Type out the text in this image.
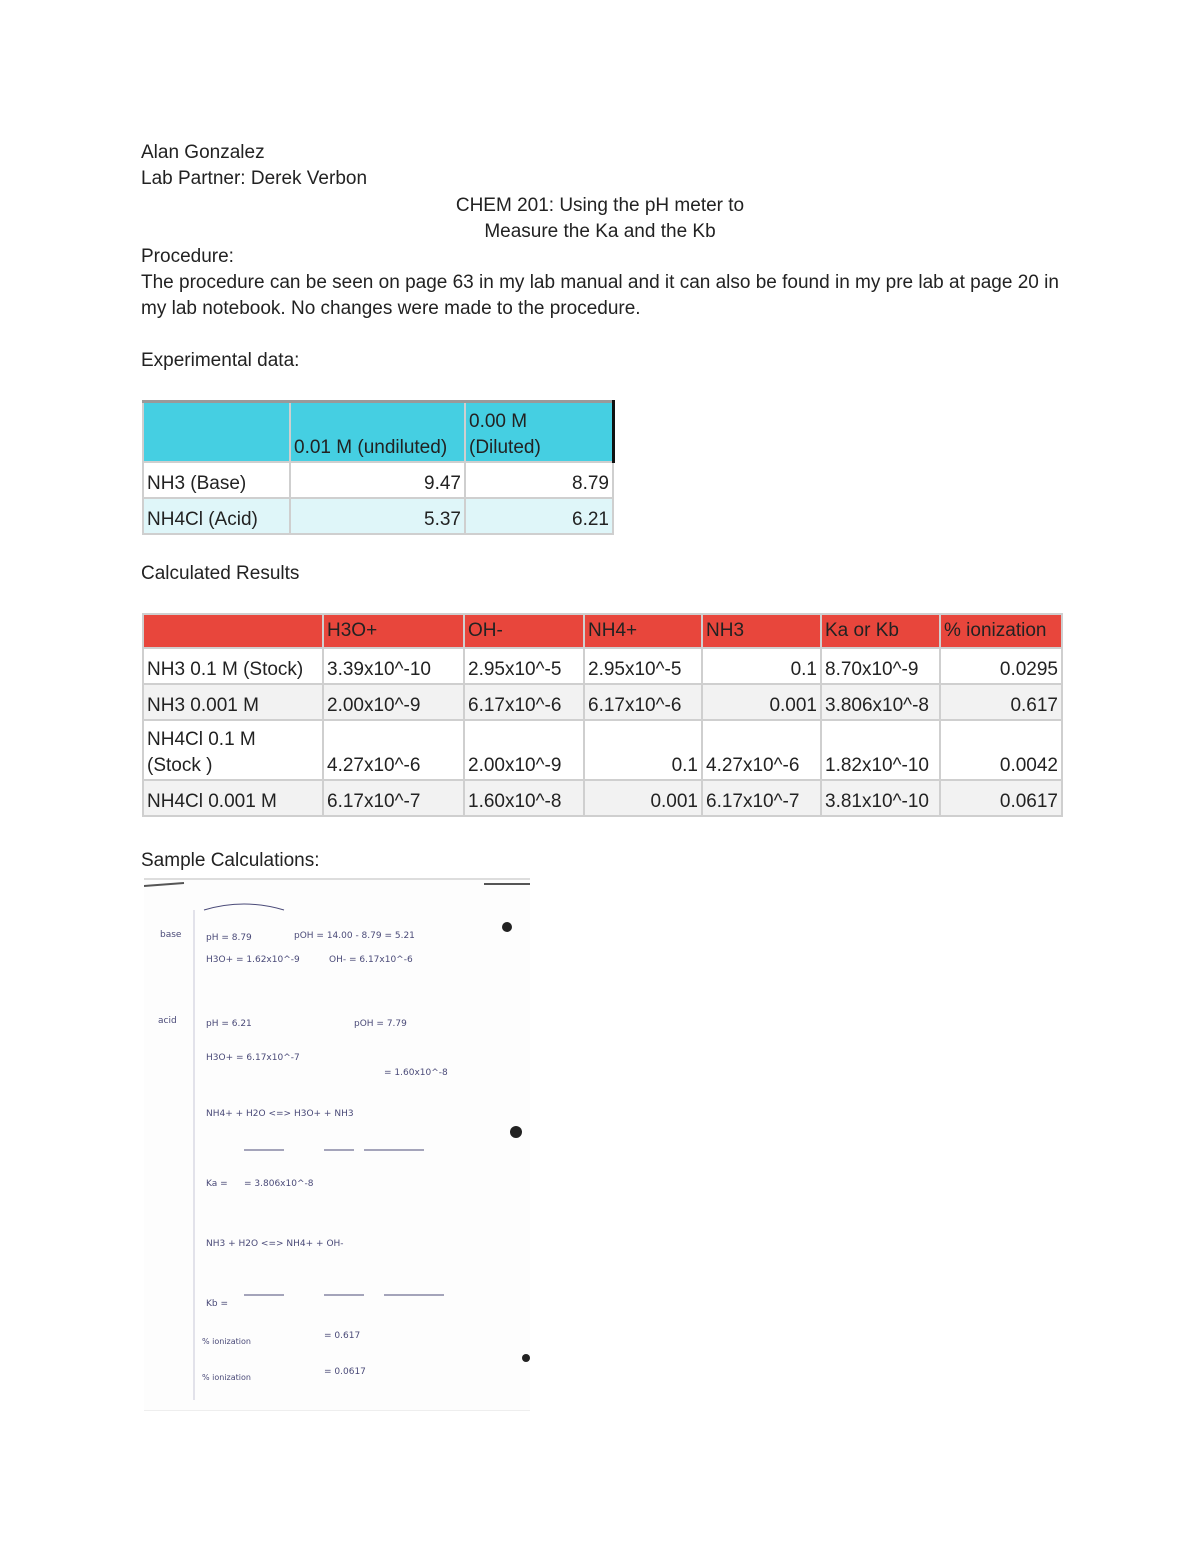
Alan Gonzalez
Lab Partner: Derek Verbon
CHEM 201: Using the pH meter to
Measure the Ka and the Kb
Procedure:
The procedure can be seen on page 63 in my lab manual and it can also be found in my pre lab at page 20 in my lab notebook. No changes were made to the procedure.
Experimental data:
	0.01 M (undiluted)	0.00 M
(Diluted)

NH3 (Base)	9.47	8.79
NH4Cl (Acid)	5.37	6.21
Calculated Results
	H3O+	OH-	NH4+	NH3	Ka or Kb	% ionization
NH3 0.1 M (Stock)	3.39x10^-10	2.95x10^-5	2.95x10^-5	0.1	8.70x10^-9	0.0295
NH3 0.001 M	2.00x10^-9	6.17x10^-6	6.17x10^-6	0.001	3.806x10^-8	0.617

NH4Cl 0.1 M
(Stock )	4.27x10^-6	2.00x10^-9	0.1	4.27x10^-6	1.82x10^-10	0.0042
NH4Cl 0.001 M	6.17x10^-7	1.60x10^-8	0.001	6.17x10^-7	3.81x10^-10	0.0617
Sample Calculations:
base	pH = 8.79	pOH = 14.00 - 8.79 = 5.21
H3O+ = 1.62x10^-9	OH- = 6.17x10^-6
acid	pH = 6.21	pOH = 7.79
H3O+ = 6.17x10^-7
= 1.60x10^-8
NH4+ + H2O <=> H3O+ + NH3
Ka = = 3.806x10^-8
NH3 + H2O <=> NH4+ + OH-
Kb =
% ionization
= 0.617
% ionization
= 0.0617
